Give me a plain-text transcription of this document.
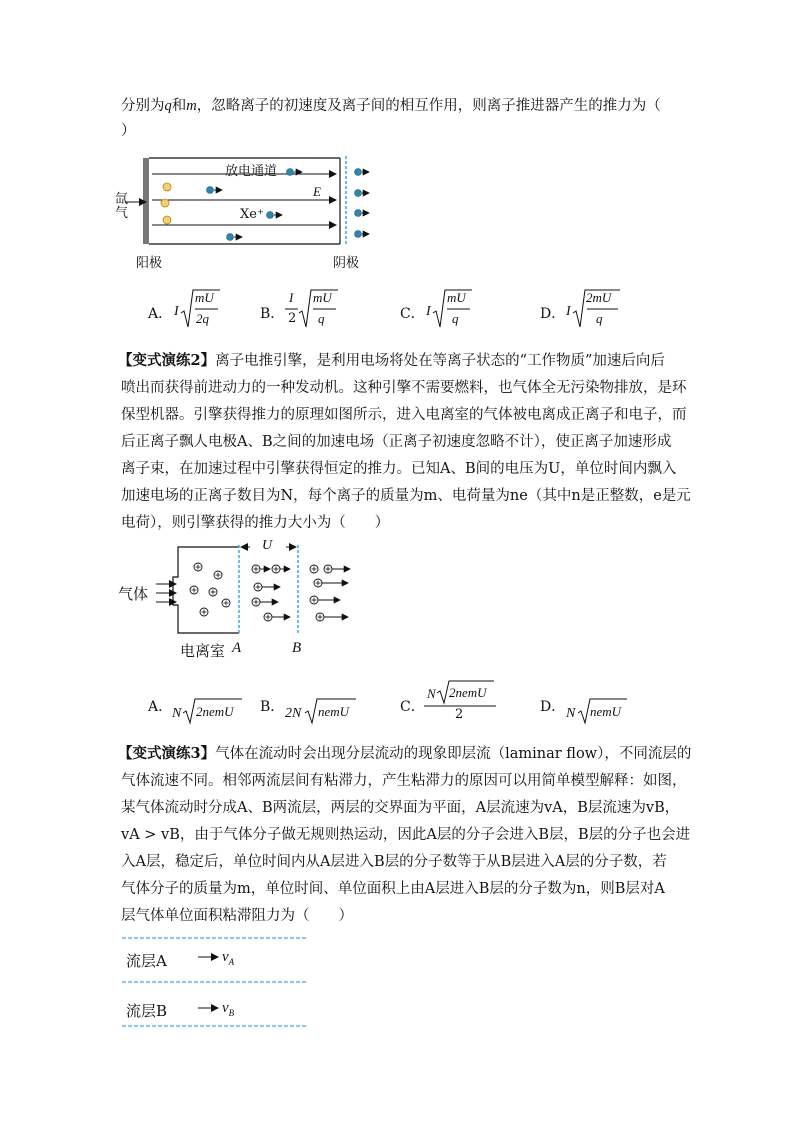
分别为q和m，忽略离子的初速度及离子间的相互作用，则离子推进器产生的推力为（
）
氙
气
放电通道
E
Xe⁺
阳极	阴极
A． I
mU
2q	B．
I
2
mU
q	C． I
mU
q	D． I
2mU
q
【变式演练2】离子电推引擎，是利用电场将处在等离子状态的“工作物质”加速后向后
喷出而获得前进动力的一种发动机。这种引擎不需要燃料，也气体全无污染物排放，是环
保型机器。引擎获得推力的原理如图所示，进入电离室的气体被电离成正离子和电子，而
后正离子飘人电极A、B之间的加速电场（正离子初速度忽略不计），使正离子加速形成
离子束，在加速过程中引擎获得恒定的推力。已知A、B间的电压为U，单位时间内飘入
加速电场的正离子数目为N，每个离子的质量为m、电荷量为ne（其中n是正整数，e是元
电荷），则引擎获得的推力大小为（　　）
U
气体
电离室 A	B
A． N 2nemU B． 2N nemU	C．
N 2nemU
2	D． N nemU
【变式演练3】气体在流动时会出现分层流动的现象即层流（laminar flow），不同流层的
气体流速不同。相邻两流层间有粘滞力，产生粘滞力的原因可以用简单模型解释：如图，
某气体流动时分成A、B两流层，两层的交界面为平面，A层流速为vA，B层流速为vB，
vA > vB，由于气体分子做无规则热运动，因此A层的分子会进入B层，B层的分子也会进
入A层，稳定后，单位时间内从A层进入B层的分子数等于从B层进入A层的分子数，若
气体分子的质量为m，单位时间、单位面积上由A层进入B层的分子数为n，则B层对A
层气体单位面积粘滞阻力为（　　）
流层A
流层B
$v_A$
$v_B$
